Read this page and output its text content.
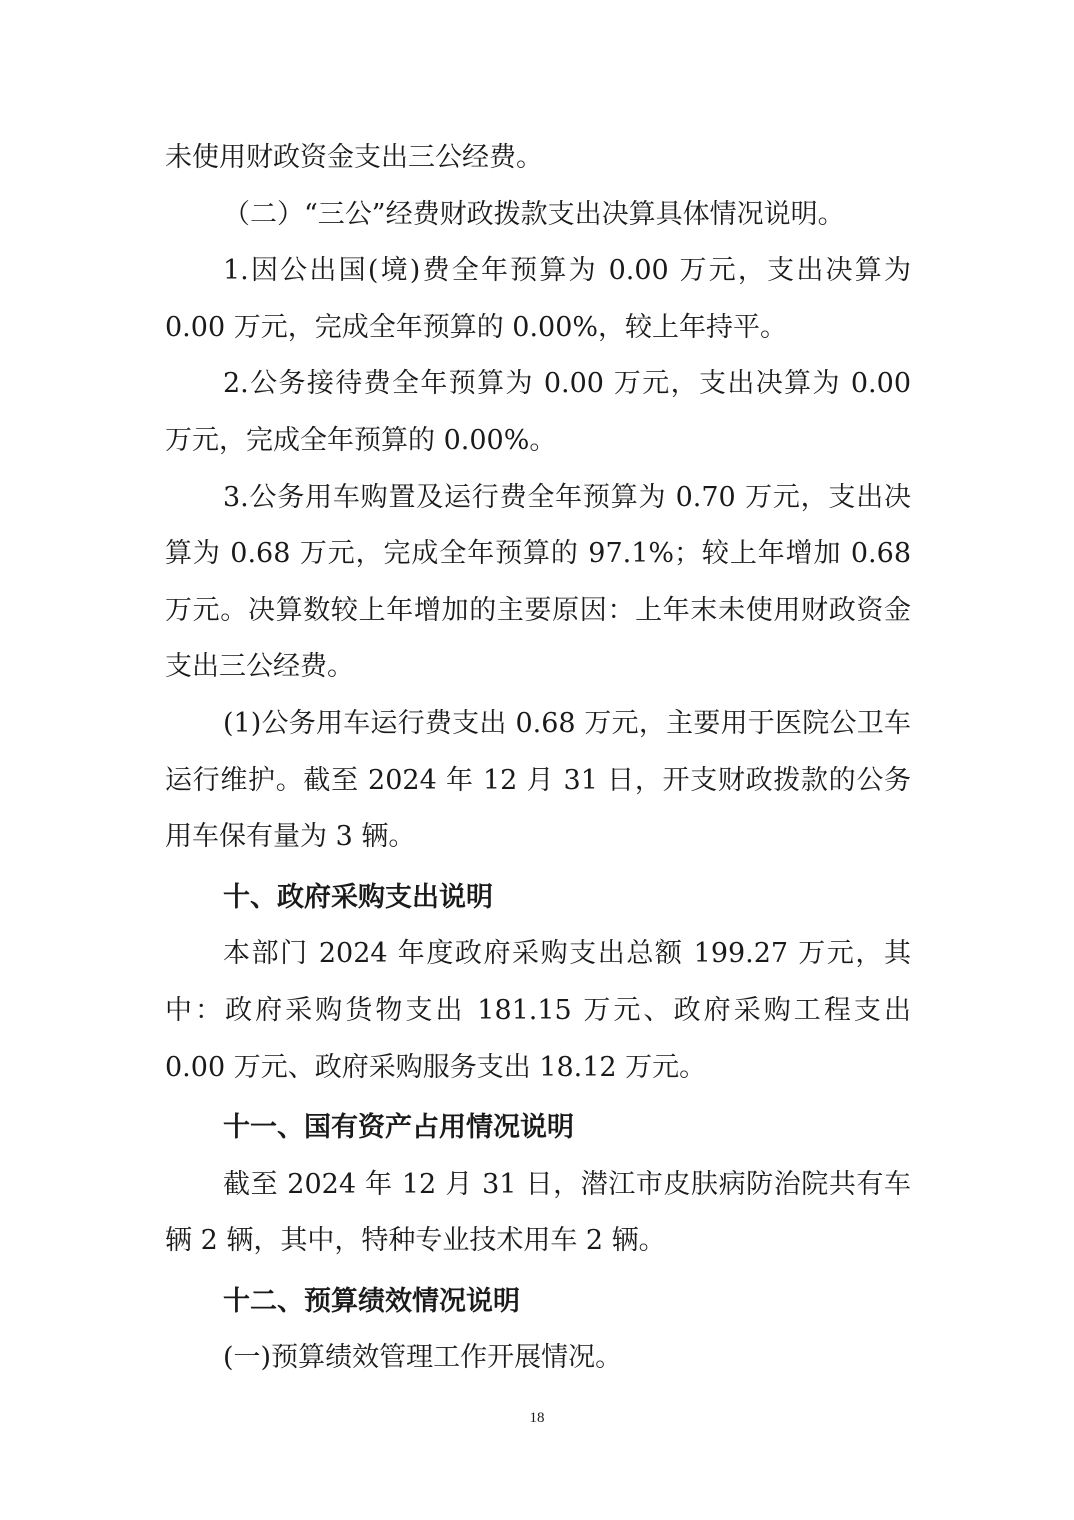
未使用财政资金支出三公经费。

（二）“三公”经费财政拨款支出决算具体情况说明。

1.因公出国(境)费全年预算为 0.00 万元，支出决算为 0.00 万元，完成全年预算的 0.00%，较上年持平。

2.公务接待费全年预算为 0.00 万元，支出决算为 0.00 万元，完成全年预算的 0.00%。

3.公务用车购置及运行费全年预算为 0.70 万元，支出决算为 0.68 万元，完成全年预算的 97.1%；较上年增加 0.68 万元。决算数较上年增加的主要原因：上年末未使用财政资金支出三公经费。

(1)公务用车运行费支出 0.68 万元，主要用于医院公卫车运行维护。截至 2024 年 12 月 31 日，开支财政拨款的公务用车保有量为 3 辆。

十、政府采购支出说明

本部门 2024 年度政府采购支出总额 199.27 万元，其中：政府采购货物支出 181.15 万元、政府采购工程支出 0.00 万元、政府采购服务支出 18.12 万元。

十一、国有资产占用情况说明

截至 2024 年 12 月 31 日，潜江市皮肤病防治院共有车辆 2 辆，其中，特种专业技术用车 2 辆。

十二、预算绩效情况说明

(一)预算绩效管理工作开展情况。

18
